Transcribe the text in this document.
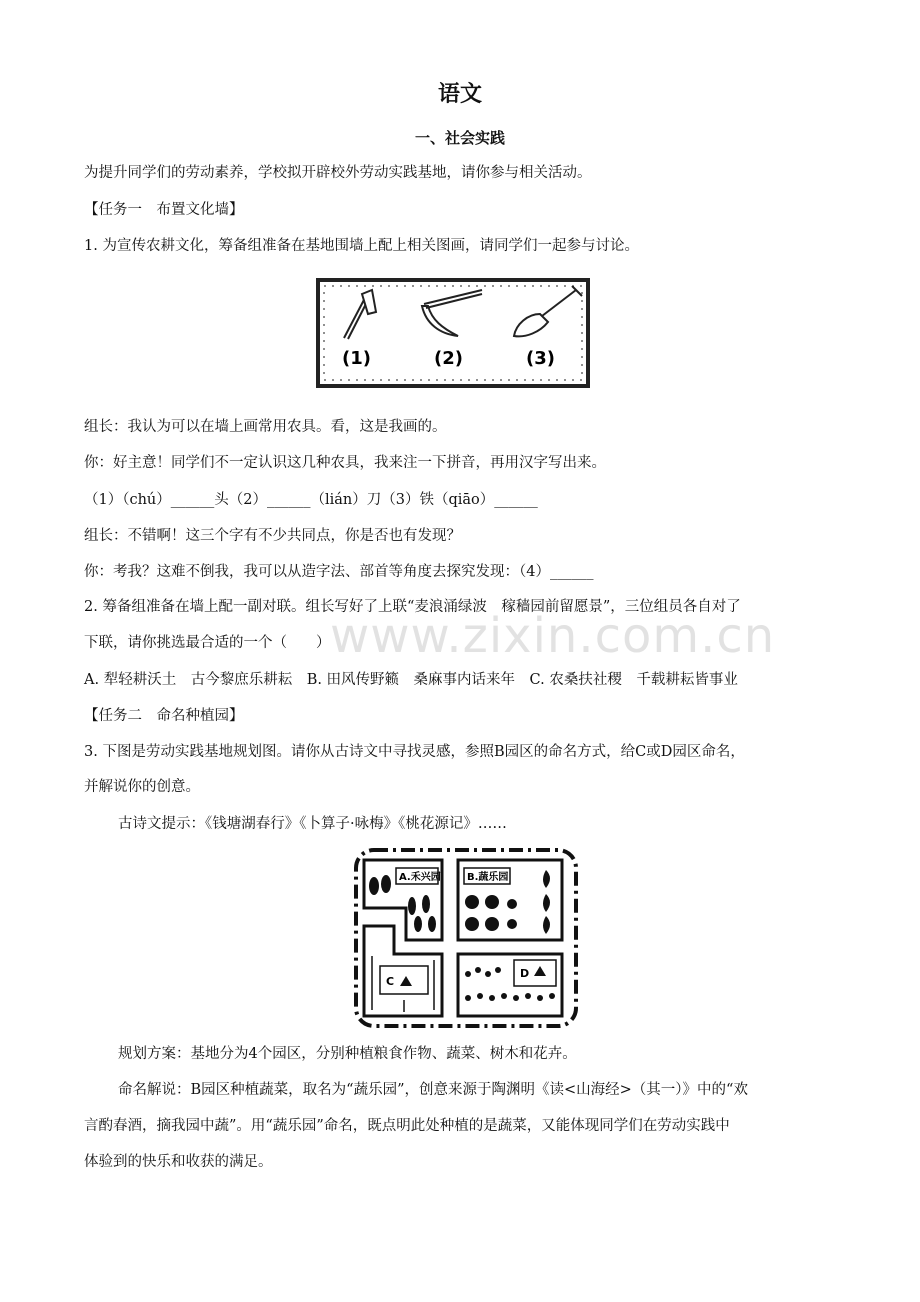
语文
一、社会实践
为提升同学们的劳动素养，学校拟开辟校外劳动实践基地，请你参与相关活动。
【任务一　布置文化墙】
1. 为宣传农耕文化，筹备组准备在基地围墙上配上相关图画，请同学们一起参与讨论。
(1)	(2)	(3)
组长：我认为可以在墙上画常用农具。看，这是我画的。
你：好主意！同学们不一定认识这几种农具，我来注一下拼音，再用汉字写出来。
（1）（chú）______头（2）______（lián）刀（3）铁（qiāo）______
组长：不错啊！这三个字有不少共同点，你是否也有发现？
你：考我？这难不倒我，我可以从造字法、部首等角度去探究发现：（4）______
2. 筹备组准备在墙上配一副对联。组长写好了上联“麦浪涌绿波　稼穑园前留愿景”，三位组员各自对了
下联，请你挑选最合适的一个（　　）
A. 犁轻耕沃土　古今黎庶乐耕耘　B. 田风传野籁　桑麻事内话来年　C. 农桑扶社稷　千载耕耘皆事业
【任务二　命名种植园】
3. 下图是劳动实践基地规划图。请你从古诗文中寻找灵感，参照B园区的命名方式，给C或D园区命名，
并解说你的创意。
古诗文提示：《钱塘湖春行》《卜算子·咏梅》《桃花源记》……
A.禾兴园	B.蔬乐园
C
D
规划方案：基地分为4个园区，分别种植粮食作物、蔬菜、树木和花卉。
命名解说：B园区种植蔬菜，取名为“蔬乐园”，创意来源于陶渊明《读<山海经>（其一）》中的“欢
言酌春酒，摘我园中蔬”。用“蔬乐园”命名，既点明此处种植的是蔬菜，又能体现同学们在劳动实践中
体验到的快乐和收获的满足。
www.zixin.com.cn
